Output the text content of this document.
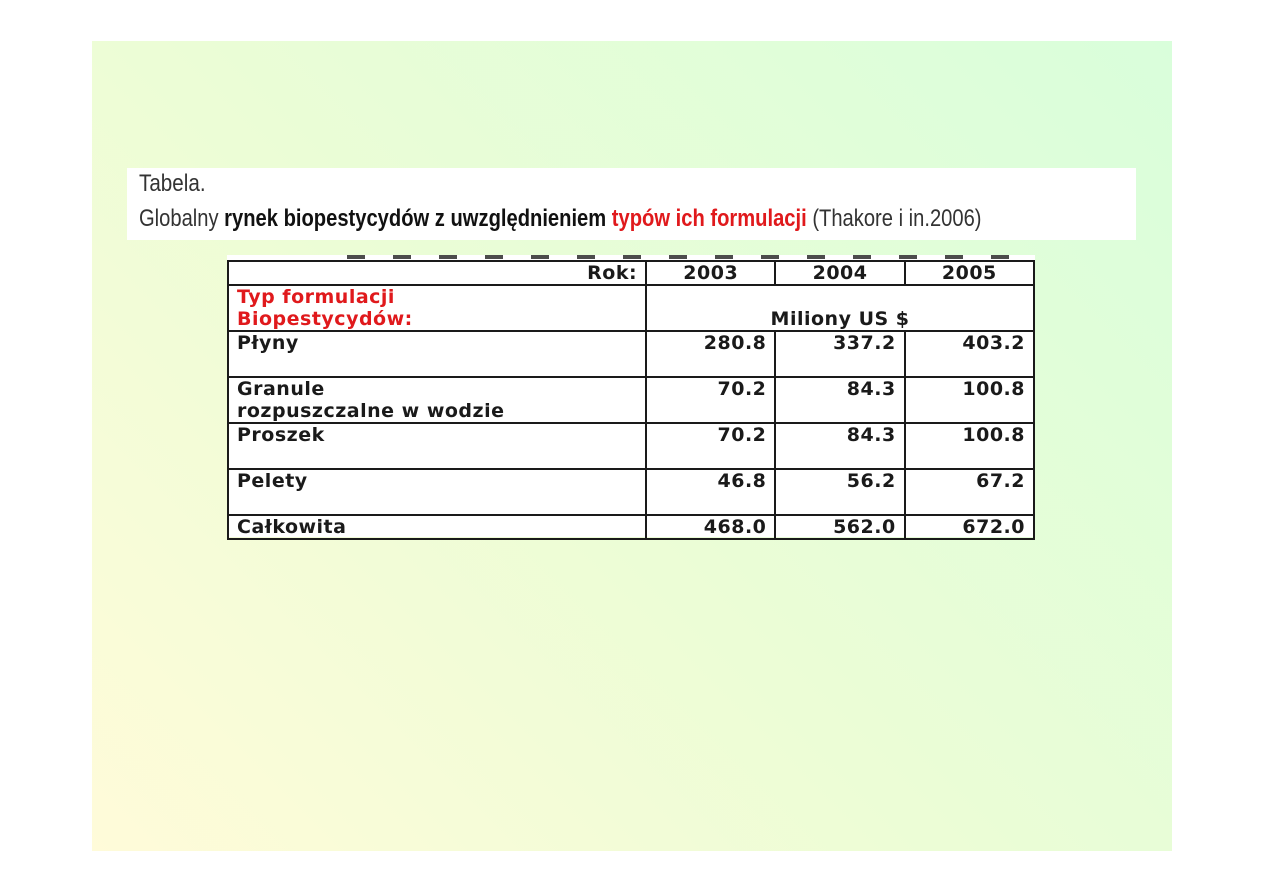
Tabela.
Globalny rynek biopestycydów z uwzględnieniem typów ich formulacji (Thakore i in.2006)
Rok:	2003	2004	2005

Typ formulacji
Biopestycydów:	Miliony US $		

Płyny	280.8	337.2	403.2

Granule
rozpuszczalne w wodzie	70.2	84.3	100.8

Proszek	70.2	84.3	100.8

Pelety	46.8	56.2	67.2
Całkowita	468.0	562.0	672.0
